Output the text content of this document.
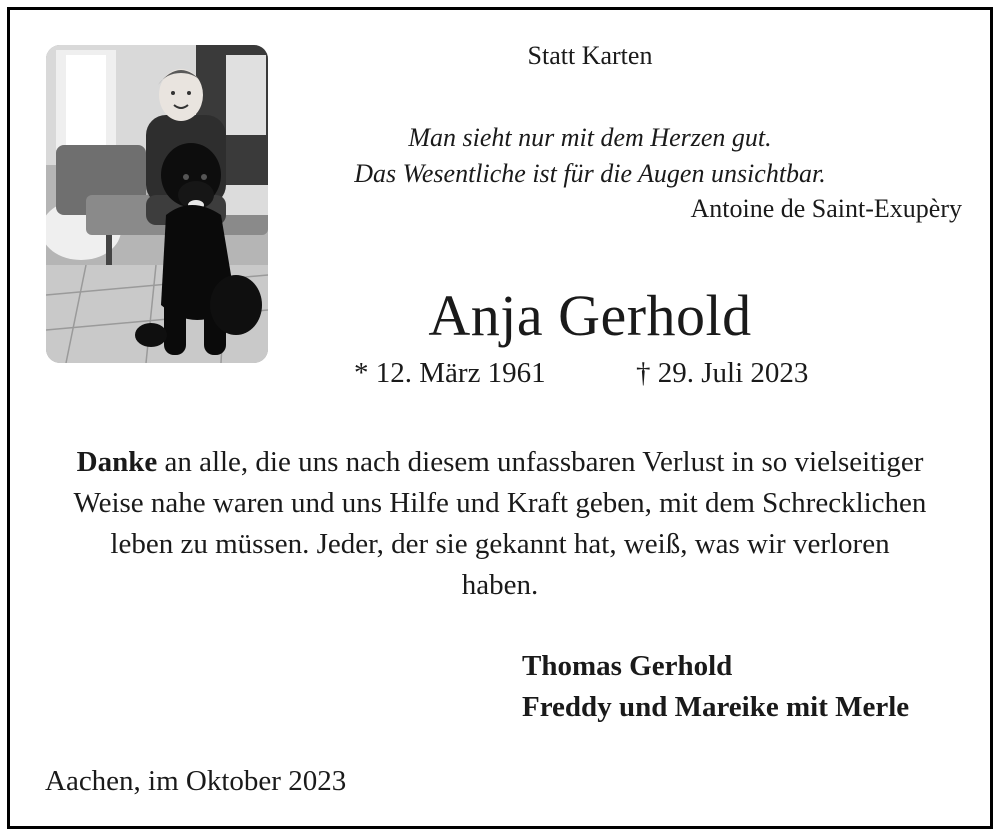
Statt Karten
Man sieht nur mit dem Herzen gut.
Das Wesentliche ist für die Augen unsichtbar.
Antoine de Saint-Exupèry
Anja Gerhold
* 12. März 1961	† 29. Juli 2023
Danke an alle, die uns nach diesem unfassbaren Verlust in so vielseitiger Weise nahe waren und uns Hilfe und Kraft geben, mit dem Schrecklichen leben zu müssen. Jeder, der sie gekannt hat, weiß, was wir verloren haben.
Thomas Gerhold
Freddy und Mareike mit Merle
Aachen, im Oktober 2023
